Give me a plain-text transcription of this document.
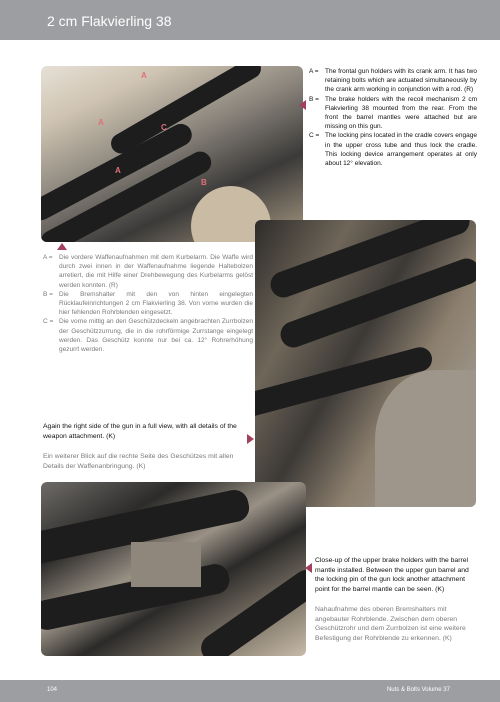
2 cm Flakvierling 38
A
A
A
B
C
A = The frontal gun holders with its crank arm. It has two retaining bolts which are actuated simultaneously by the crank arm working in conjunction with a rod. (R)
B = The brake holders with the recoil mechanism 2 cm Flakvierling 38 mounted from the rear. From the front the barrel mantles were attached but are missing on this gun.
C = The locking pins located in the cradle covers engage in the upper cross tube and thus lock the cradle. This locking device arrangement operates at only about 12° elevation.
A = Die vordere Waffenaufnahmen mit dem Kurbelarm. Die Waffe wird durch zwei innen in der Waffenaufnahme liegende Haltebolzen arretiert, die mit Hilfe einer Drehbewegung des Kurbelarms gelöst werden konnten. (R)
B = Die Bremshalter mit den von hinten eingelegten Rücklaufeinrichtungen 2 cm Flakvierling 38. Von vorne wurden die hier fehlenden Rohrblenden eingesetzt.
C = Die vorne mittig an den Geschützdeckeln angebrachten Zurrbolzen der Geschützzurrung, die in die rohrförmige Zurrstange eingelegt werden. Das Geschütz konnte nur bei ca. 12° Rohrerhöhung gezurrt werden.
Again the right side of the gun in a full view, with all details of the weapon attachment. (K)
Ein weiterer Blick auf die rechte Seite des Geschützes mit allen Details der Waffenanbringung. (K)
Close-up of the upper brake holders with the barrel mantle installed. Between the upper gun barrel and the locking pin of the gun lock another attachment point for the barrel mantle can be seen. (K)
Nahaufnahme des oberen Bremshalters mit angebauter Rohrblende. Zwischen dem oberen Geschützrohr und dem Zurrbolzen ist eine weitere Befestigung der Rohrblende zu erkennen. (K)
104	Nuts & Bolts Volume 37
